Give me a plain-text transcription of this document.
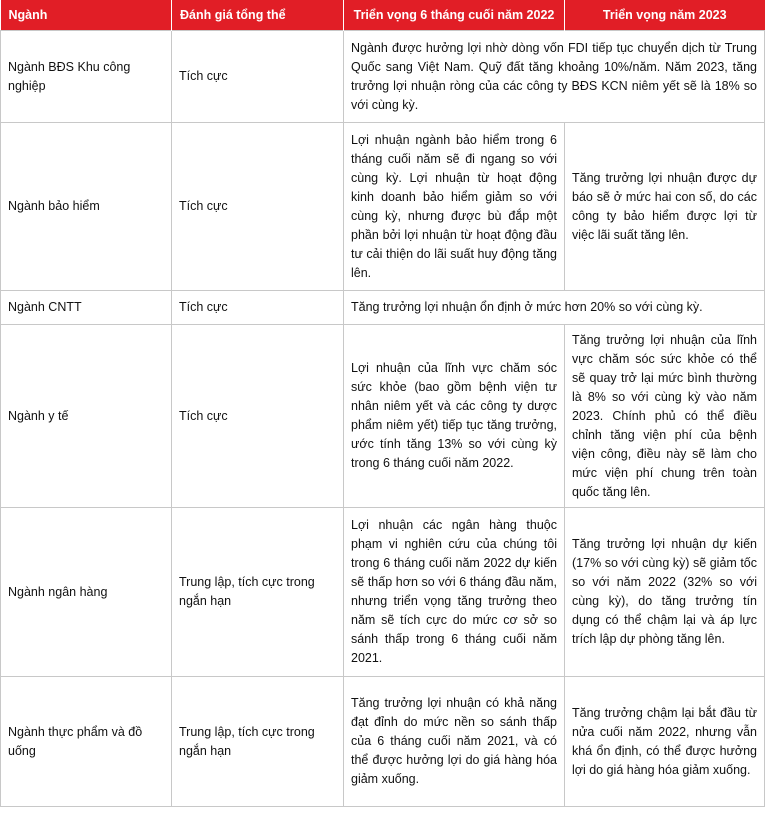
Ngành	Đánh giá tổng thể	Triển vọng 6 tháng cuối năm 2022	Triển vọng năm 2023
Ngành BĐS Khu công nghiệp	Tích cực	Ngành được hưởng lợi nhờ dòng vốn FDI tiếp tục chuyển dịch từ Trung Quốc sang Việt Nam. Quỹ đất tăng khoảng 10%/năm. Năm 2023, tăng trưởng lợi nhuận ròng của các công ty BĐS KCN niêm yết sẽ là 18% so với cùng kỳ.	
Ngành bảo hiểm	Tích cực	Lợi nhuận ngành bảo hiểm trong 6 tháng cuối năm sẽ đi ngang so với cùng kỳ. Lợi nhuận từ hoạt động kinh doanh bảo hiểm giảm so với cùng kỳ, nhưng được bù đắp một phần bởi lợi nhuận từ hoạt động đầu tư cải thiện do lãi suất huy động tăng lên.	Tăng trưởng lợi nhuận được dự báo sẽ ở mức hai con số, do các công ty bảo hiểm được lợi từ việc lãi suất tăng lên.
Ngành CNTT	Tích cực	Tăng trưởng lợi nhuận ổn định ở mức hơn 20% so với cùng kỳ.	
Ngành y tế	Tích cực	Lợi nhuận của lĩnh vực chăm sóc sức khỏe (bao gồm bệnh viện tư nhân niêm yết và các công ty dược phẩm niêm yết) tiếp tục tăng trưởng, ước tính tăng 13% so với cùng kỳ trong 6 tháng cuối năm 2022.	Tăng trưởng lợi nhuận của lĩnh vực chăm sóc sức khỏe có thể sẽ quay trở lại mức bình thường là 8% so với cùng kỳ vào năm 2023. Chính phủ có thể điều chỉnh tăng viện phí của bệnh viện công, điều này sẽ làm cho mức viện phí chung trên toàn quốc tăng lên.
Ngành ngân hàng	Trung lập, tích cực trong ngắn hạn	Lợi nhuận các ngân hàng thuộc phạm vi nghiên cứu của chúng tôi trong 6 tháng cuối năm 2022 dự kiến sẽ thấp hơn so với 6 tháng đầu năm, nhưng triển vọng tăng trưởng theo năm sẽ tích cực do mức cơ sở so sánh thấp trong 6 tháng cuối năm 2021.	Tăng trưởng lợi nhuận dự kiến (17% so với cùng kỳ) sẽ giảm tốc so với năm 2022 (32% so với cùng kỳ), do tăng trưởng tín dụng có thể chậm lại và áp lực trích lập dự phòng tăng lên.
Ngành thực phẩm và đồ uống	Trung lập, tích cực trong ngắn hạn	Tăng trưởng lợi nhuận có khả năng đạt đỉnh do mức nền so sánh thấp của 6 tháng cuối năm 2021, và có thể được hưởng lợi do giá hàng hóa giảm xuống.	Tăng trưởng chậm lại bắt đầu từ nửa cuối năm 2022, nhưng vẫn khá ổn định, có thể được hưởng lợi do giá hàng hóa giảm xuống.
